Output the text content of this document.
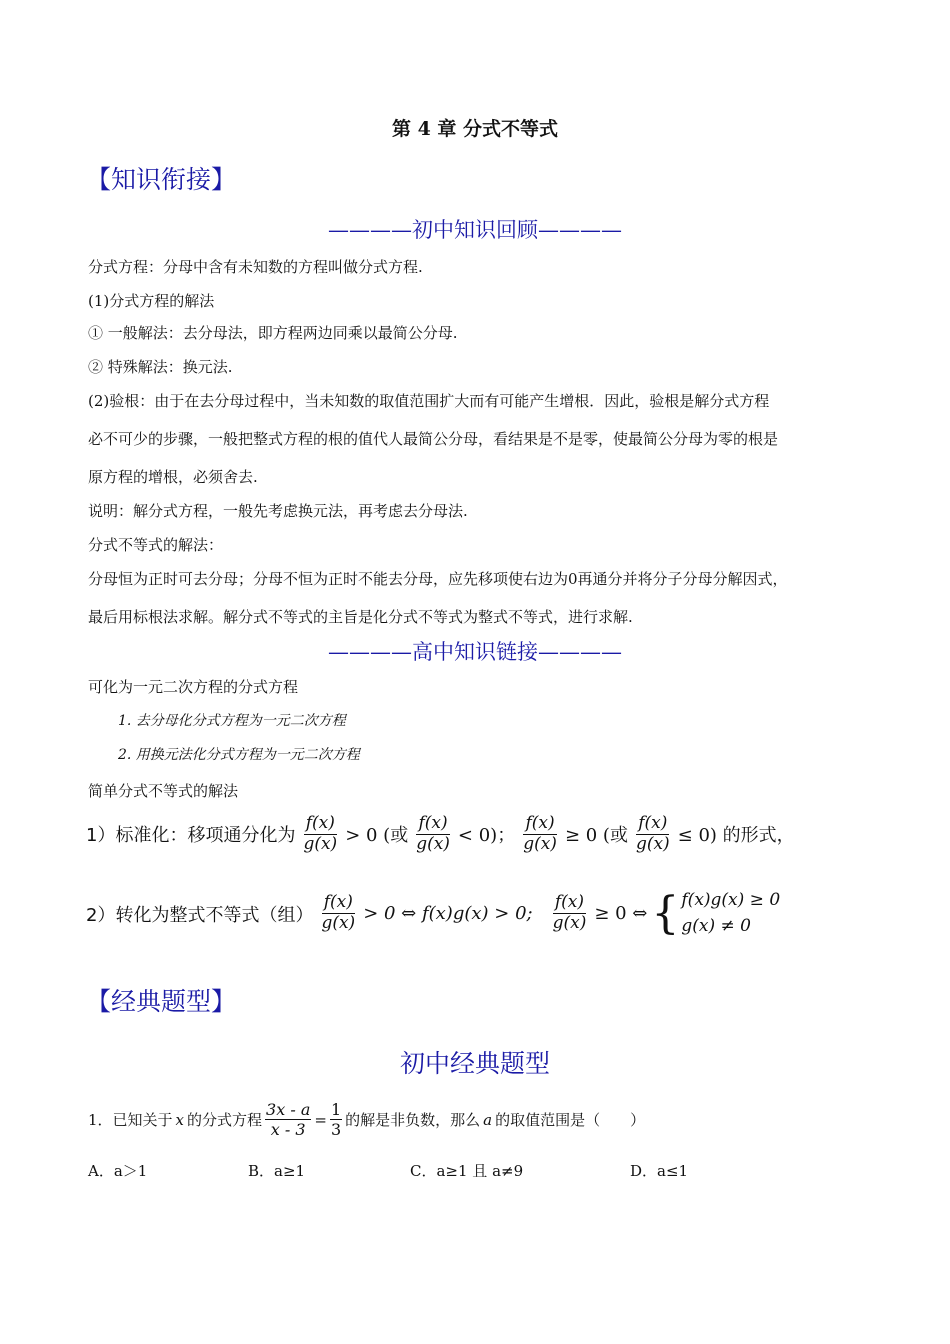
第 4 章 分式不等式
【知识衔接】
————初中知识回顾————
分式方程：分母中含有未知数的方程叫做分式方程.
(1)分式方程的解法
① 一般解法：去分母法，即方程两边同乘以最简公分母.
② 特殊解法：换元法.
(2)验根：由于在去分母过程中，当未知数的取值范围扩大而有可能产生增根．因此，验根是解分式方程
必不可少的步骤，一般把整式方程的根的值代人最简公分母，看结果是不是零，使最简公分母为零的根是
原方程的增根，必须舍去.
说明：解分式方程，一般先考虑换元法，再考虑去分母法.
分式不等式的解法：
分母恒为正时可去分母；分母不恒为正时不能去分母，应先移项使右边为0再通分并将分子分母分解因式，
最后用标根法求解。解分式不等式的主旨是化分式不等式为整式不等式，进行求解.
————高中知识链接————
可化为一元二次方程的分式方程
1. 去分母化分式方程为一元二次方程
2. 用换元法化分式方程为一元二次方程
简单分式不等式的解法
1）标准化：移项通分化为 $\frac{f(x)}{g(x)} > 0$ (或 $\frac{f(x)}{g(x)} < 0$)； $\frac{f(x)}{g(x)} \ge 0$ (或 $\frac{f(x)}{g(x)} \le 0$) 的形式，
2）转化为整式不等式（组） $\frac{f(x)}{g(x)} > 0$ ⇔ f(x)g(x) > 0; $\frac{f(x)}{g(x)} \ge 0$ ⇔ { f(x)g(x) ≥ 0
g(x) ≠ 0
【经典题型】
初中经典题型
1．已知关于 x 的分式方程 $\frac{3x - a}{x - 3} = \frac{1}{3}$ 的解是非负数，那么 a 的取值范围是（　　）
A．a＞1	B．a≥1	C．a≥1 且 a≠9	D．a≤1
